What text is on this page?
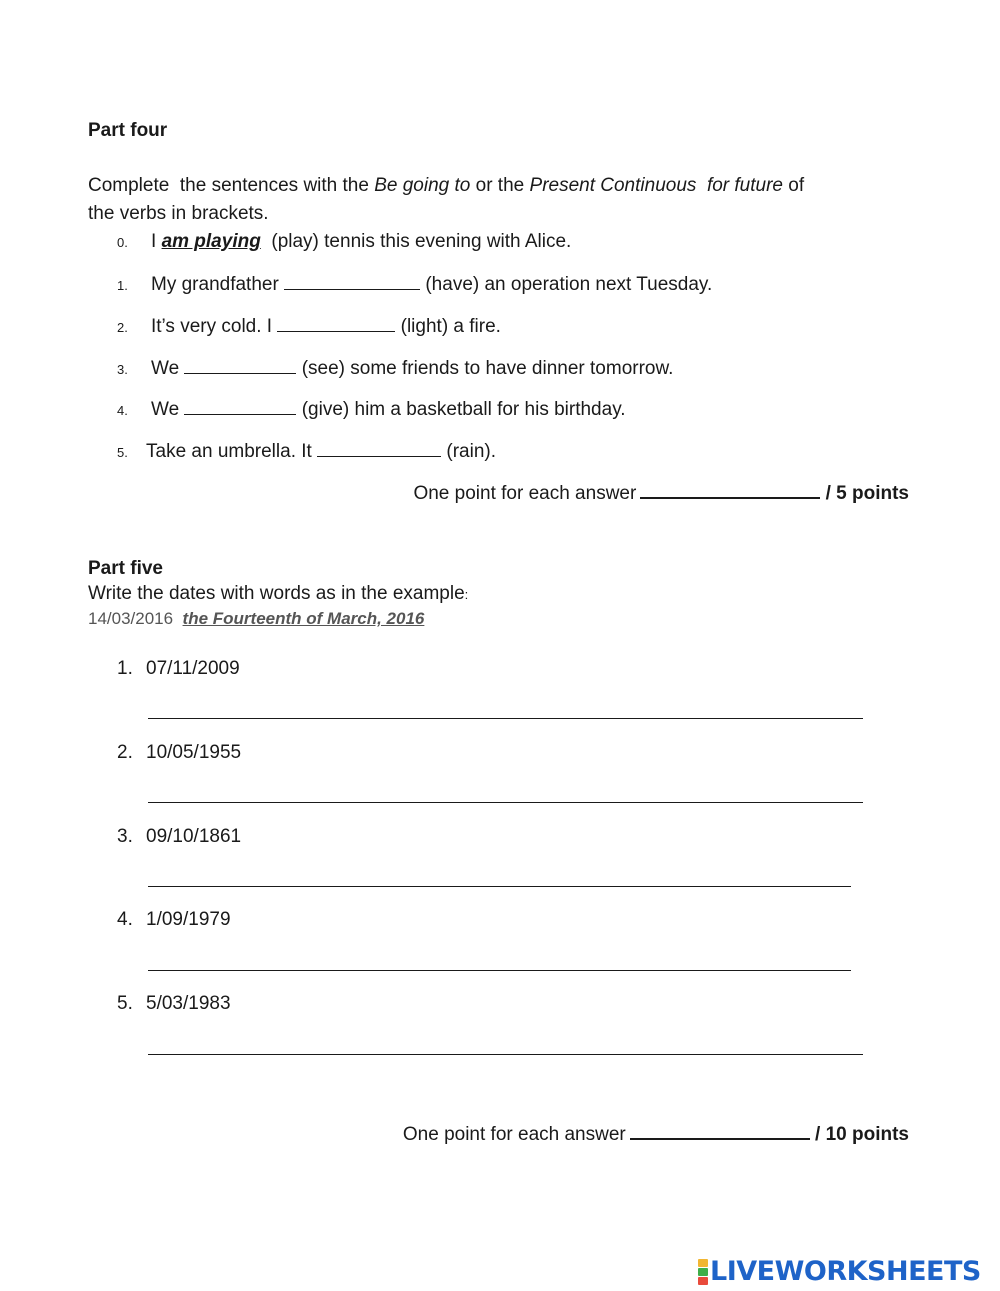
Part four
Complete  the sentences with the Be going to or the Present Continuous  for future of
the verbs in brackets.
0. I am playing  (play) tennis this evening with Alice.
1. My grandfather	(have) an operation next Tuesday.
2. It’s very cold. I	(light) a fire.
3. We	(see) some friends to have dinner tomorrow.
4. We	(give) him a basketball for his birthday.
5. Take an umbrella. It	(rain).
One point for each answer	/ 5 points
Part five
Write the dates with words as in the example:
14/03/2016 the Fourteenth of March, 2016
1. 07/11/2009
2. 10/05/1955
3. 09/10/1861
4. 1/09/1979
5. 5/03/1983
One point for each answer	/ 10 points
LIVEWORKSHEETS
